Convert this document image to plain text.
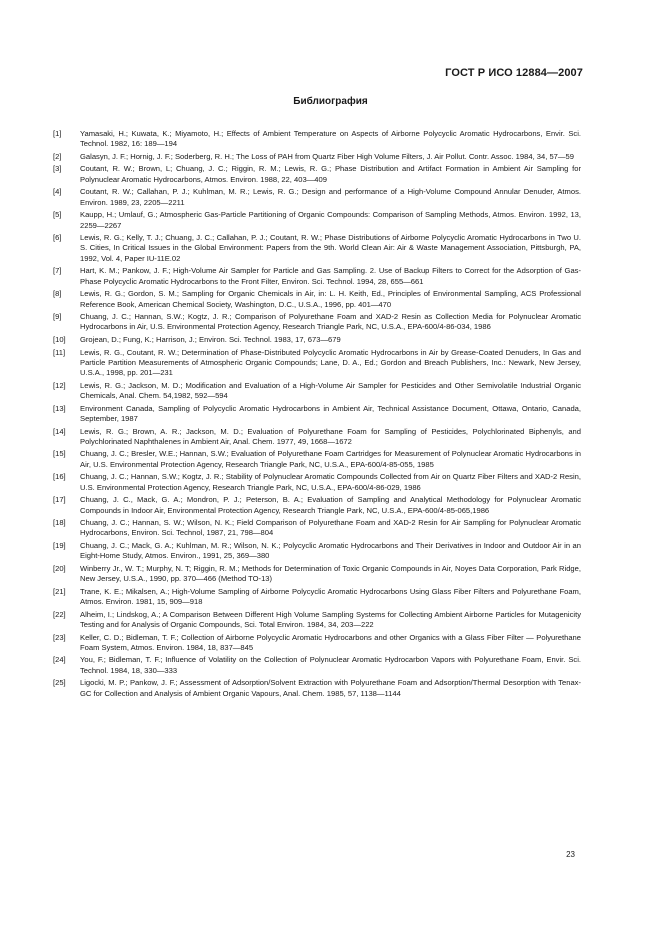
ГОСТ Р ИСО 12884—2007
Библиография
[1]	Yamasaki, H.; Kuwata, K.; Miyamoto, H.; Effects of Ambient Temperature on Aspects of Airborne Polycyclic Aromatic Hydrocarbons, Envir. Sci. Technol. 1982, 16: 189—194
[2]	Galasyn, J. F.; Hornig, J. F.; Soderberg, R. H.; The Loss of PAH from Quartz Fiber High Volume Filters, J. Air Pollut. Contr. Assoc. 1984, 34, 57—59
[3]	Coutant, R. W.; Brown, L; Chuang, J. C.; Riggin, R. M.; Lewis, R. G.; Phase Distribution and Artifact Formation in Ambient Air Sampling for Polynuclear Aromatic Hydrocarbons, Atmos. Environ. 1988, 22, 403—409
[4]	Coutant, R. W.; Callahan, P. J.; Kuhlman, M. R.; Lewis, R. G.; Design and performance of a High-Volume Compound Annular Denuder, Atmos. Environ. 1989, 23, 2205—2211
[5]	Kaupp, H.; Umlauf, G.; Atmospheric Gas-Particle Partitioning of Organic Compounds: Comparison of Sampling Methods, Atmos. Environ. 1992, 13, 2259—2267
[6]	Lewis, R. G.; Kelly, T. J.; Chuang, J. C.; Callahan, P. J.; Coutant, R. W.; Phase Distributions of Airborne Polycyclic Aromatic Hydrocarbons in Two U. S. Cities, In Critical Issues in the Global Environment: Papers from the 9th. World Clean Air: Air & Waste Management Association, Pittsburgh, PA, 1992, Vol. 4, Paper IU-11E.02
[7]	Hart, K. M.; Pankow, J. F.; High-Volume Air Sampler for Particle and Gas Sampling. 2. Use of Backup Filters to Correct for the Adsorption of Gas-Phase Polycyclic Aromatic Hydrocarbons to the Front Filter, Environ. Sci. Technol. 1994, 28, 655—661
[8]	Lewis, R. G.; Gordon, S. M.; Sampling for Organic Chemicals in Air, in: L. H. Keith, Ed., Principles of Environmental Sampling, ACS Professional Reference Book, American Chemical Society, Washington, D.C., U.S.A., 1996, pp. 401—470
[9]	Chuang, J. C.; Hannan, S.W.; Kogtz, J. R.; Comparison of Polyurethane Foam and XAD-2 Resin as Collection Media for Polynuclear Aromatic Hydrocarbons in Air, U.S. Environmental Protection Agency, Research Triangle Park, NC, U.S.A., EPA-600/4-86-034, 1986
[10]	Grojean, D.; Fung, K.; Harrison, J.; Environ. Sci. Technol. 1983, 17, 673—679
[11]	Lewis, R. G., Coutant, R. W.; Determination of Phase-Distributed Polycyclic Aromatic Hydrocarbons in Air by Grease-Coated Denuders, In Gas and Particle Partition Measurements of Atmospheric Organic Compounds; Lane, D. A., Ed.; Gordon and Breach Publishers, Inc.: Newark, New Jersey, U.S.A., 1998, pp. 201—231
[12]	Lewis, R. G.; Jackson, M. D.; Modification and Evaluation of a High-Volume Air Sampler for Pesticides and Other Semivolatile Industrial Organic Chemicals, Anal. Chem. 54,1982, 592—594
[13]	Environment Canada, Sampling of Polycyclic Aromatic Hydrocarbons in Ambient Air, Technical Assistance Document, Ottawa, Ontario, Canada, September, 1987
[14]	Lewis, R. G.; Brown, A. R.; Jackson, M. D.; Evaluation of Polyurethane Foam for Sampling of Pesticides, Polychlorinated Biphenyls, and Polychlorinated Naphthalenes in Ambient Air, Anal. Chem. 1977, 49, 1668—1672
[15]	Chuang, J. C.; Bresler, W.E.; Hannan, S.W.; Evaluation of Polyurethane Foam Cartridges for Measurement of Polynuclear Aromatic Hydrocarbons in Air, U.S. Environmental Protection Agency, Research Triangle Park, NC, U.S.A., EPA-600/4-85-055, 1985
[16]	Chuang, J. C.; Hannan, S.W.; Kogtz, J. R.; Stability of Polynuclear Aromatic Compounds Collected from Air on Quartz Fiber Filters and XAD-2 Resin, U.S. Environmental Protection Agency, Research Triangle Park, NC, U.S.A., EPA-600/4-86-029, 1986
[17]	Chuang, J. C., Mack, G. A.; Mondron, P. J.; Peterson, B. A.; Evaluation of Sampling and Analytical Methodology for Polynuclear Aromatic Compounds in Indoor Air, Environmental Protection Agency, Research Triangle Park, NC, U.S.A., EPA-600/4-85-065,1986
[18]	Chuang, J. C.; Hannan, S. W.; Wilson, N. K.; Field Comparison of Polyurethane Foam and XAD-2 Resin for Air Sampling for Polynuclear Aromatic Hydrocarbons, Environ. Sci. Technol, 1987, 21, 798—804
[19]	Chuang, J. C.; Mack, G. A.; Kuhlman, M. R.; Wilson, N. K.; Polycyclic Aromatic Hydrocarbons and Their Derivatives in Indoor and Outdoor Air in an Eight-Home Study, Atmos. Environ., 1991, 25, 369—380
[20]	Winberry Jr., W. T.; Murphy, N. T; Riggin, R. M.; Methods for Determination of Toxic Organic Compounds in Air, Noyes Data Corporation, Park Ridge, New Jersey, U.S.A., 1990, pp. 370—466 (Method TO-13)
[21]	Trane, K. E.; Mikalsen, A.; High-Volume Sampling of Airborne Polycyclic Aromatic Hydrocarbons Using Glass Fiber Filters and Polyurethane Foam, Atmos. Environ. 1981, 15, 909—918
[22]	Alheim, I.; Lindskog, A.; A Comparison Between Different High Volume Sampling Systems for Collecting Ambient Airborne Particles for Mutagenicity Testing and for Analysis of Organic Compounds, Sci. Total Environ. 1984, 34, 203—222
[23]	Keller, C. D.; Bidleman, T. F.; Collection of Airborne Polycyclic Aromatic Hydrocarbons and other Organics with a Glass Fiber Filter — Polyurethane Foam System, Atmos. Environ. 1984, 18, 837—845
[24]	You, F.; Bidleman, T. F.; Influence of Volatility on the Collection of Polynuclear Aromatic Hydrocarbon Vapors with Polyurethane Foam, Envir. Sci. Technol. 1984, 18, 330—333
[25]	Ligocki, M. P.; Pankow, J. F.; Assessment of Adsorption/Solvent Extraction with Polyurethane Foam and Adsorption/Thermal Desorption with Tenax-GC for Collection and Analysis of Ambient Organic Vapours, Anal. Chem. 1985, 57, 1138—1144
23
